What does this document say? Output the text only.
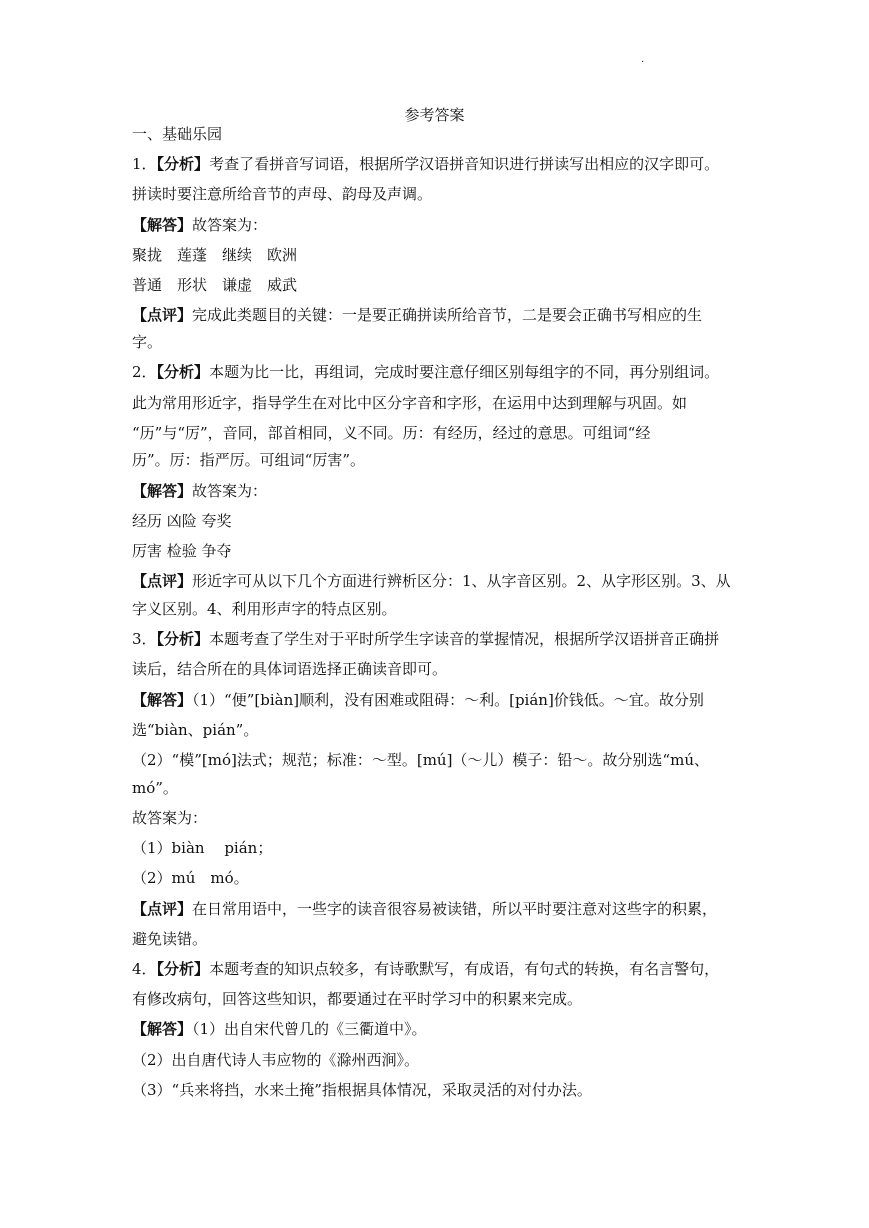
.
参考答案
一、基础乐园
1．【分析】考查了看拼音写词语，根据所学汉语拼音知识进行拼读写出相应的汉字即可。
拼读时要注意所给音节的声母、韵母及声调。
【解答】故答案为：
聚拢　莲蓬　继续　欧洲
普通　形状　谦虚　威武
【点评】完成此类题目的关键：一是要正确拼读所给音节，二是要会正确书写相应的生
字。
2．【分析】本题为比一比，再组词，完成时要注意仔细区别每组字的不同，再分别组词。
此为常用形近字，指导学生在对比中区分字音和字形，在运用中达到理解与巩固。如
“历”与“厉”，音同，部首相同，义不同。历：有经历，经过的意思。可组词“经
历”。厉：指严厉。可组词“厉害”。
【解答】故答案为：
经历 凶险 夸奖
厉害 检验 争夺
【点评】形近字可从以下几个方面进行辨析区分：1、从字音区别。2、从字形区别。3、从
字义区别。4、利用形声字的特点区别。
3．【分析】本题考查了学生对于平时所学生字读音的掌握情况，根据所学汉语拼音正确拼
读后，结合所在的具体词语选择正确读音即可。
【解答】（1）“便”[biàn]顺利，没有困难或阻碍：～利。[pián]价钱低。～宜。故分别
选“biàn、pián”。
（2）“模”[mó]法式；规范；标准：～型。[mú]（～儿）模子：铅～。故分别选“mú、
mó”。
故答案为：
（1）biàn　 pián；
（2）mú　mó。
【点评】在日常用语中，一些字的读音很容易被读错，所以平时要注意对这些字的积累，
避免读错。
4．【分析】本题考查的知识点较多，有诗歌默写，有成语，有句式的转换，有名言警句，
有修改病句，回答这些知识，都要通过在平时学习中的积累来完成。
【解答】（1）出自宋代曾几的《三衢道中》。
（2）出自唐代诗人韦应物的《滁州西涧》。
（3）“兵来将挡，水来土掩”指根据具体情况，采取灵活的对付办法。
